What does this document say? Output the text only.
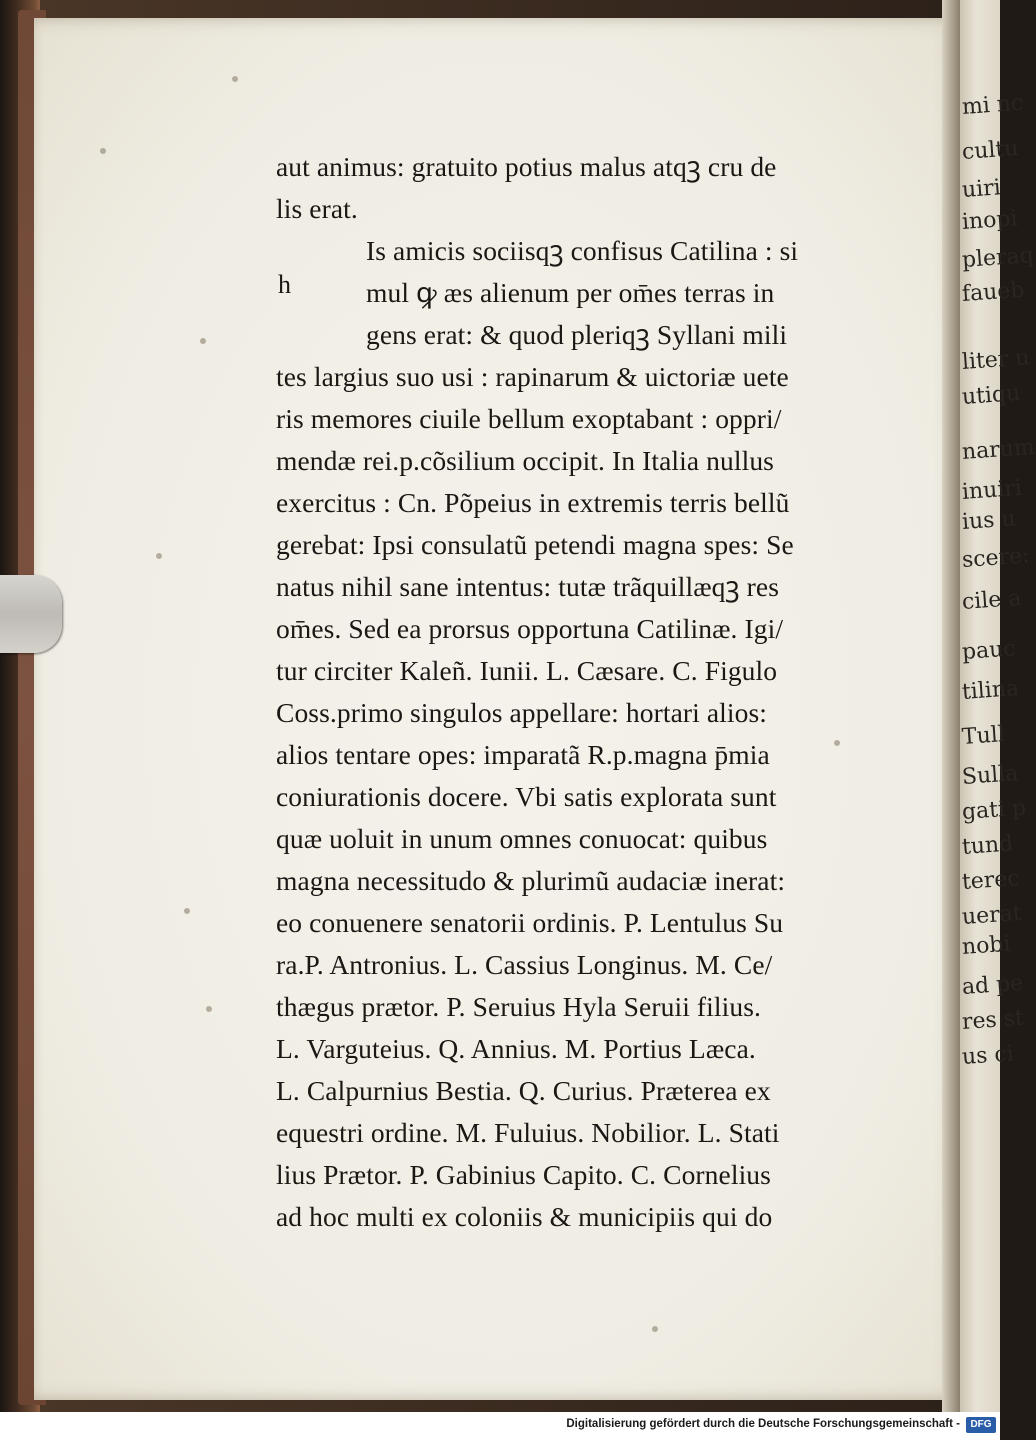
mi nc
cultu
uiri
inopi
pleraq
faueb
liter u
utiqu
narum
inuiri
ius u
scere:
cile a
pauc
tilina
Tull
Sulla
gati p
tund
terec
uerat
nobi
ad pe
res st
us ci
h
aut animus: gratuito potius malus atqꝫ cru de
lis erat.
Is amicis sociisqꝫ confisus Catilina : si
mul ꝙ æs alienum per om̄es terras in
gens erat: & quod pleriqꝫ Syllani mili
tes largius suo usi : rapinarum & uictoriæ uete
ris memores ciuile bellum exoptabant : oppri/
mendæ rei.p.cõsilium occipit. In Italia nullus
exercitus : Cn. Põpeius in extremis terris bellũ
gerebat: Ipsi consulatũ petendi magna spes: Se
natus nihil sane intentus: tutæ trãquillæqꝫ res
om̄es. Sed ea prorsus opportuna Catilinæ. Igi/
tur circiter Kaleñ. Iunii. L. Cæsare. C. Figulo
Coss.primo singulos appellare: hortari alios:
alios tentare opes: imparatã R.p.magna p̄mia
coniurationis docere. Vbi satis explorata sunt
quæ uoluit in unum omnes conuocat: quibus
magna necessitudo & plurimũ audaciæ inerat:
eo conuenere senatorii ordinis. P. Lentulus Su
ra.P. Antronius. L. Cassius Longinus. M. Ce/
thægus prætor. P. Seruius Hyla Seruii filius.
L. Varguteius. Q. Annius. M. Portius Læca.
L. Calpurnius Bestia. Q. Curius. Præterea ex
equestri ordine. M. Fuluius. Nobilior. L. Stati
lius Prætor. P. Gabinius Capito. C. Cornelius
ad hoc multi ex coloniis & municipiis qui do
Digitalisierung gefördert durch die Deutsche Forschungsgemeinschaft -	DFG
